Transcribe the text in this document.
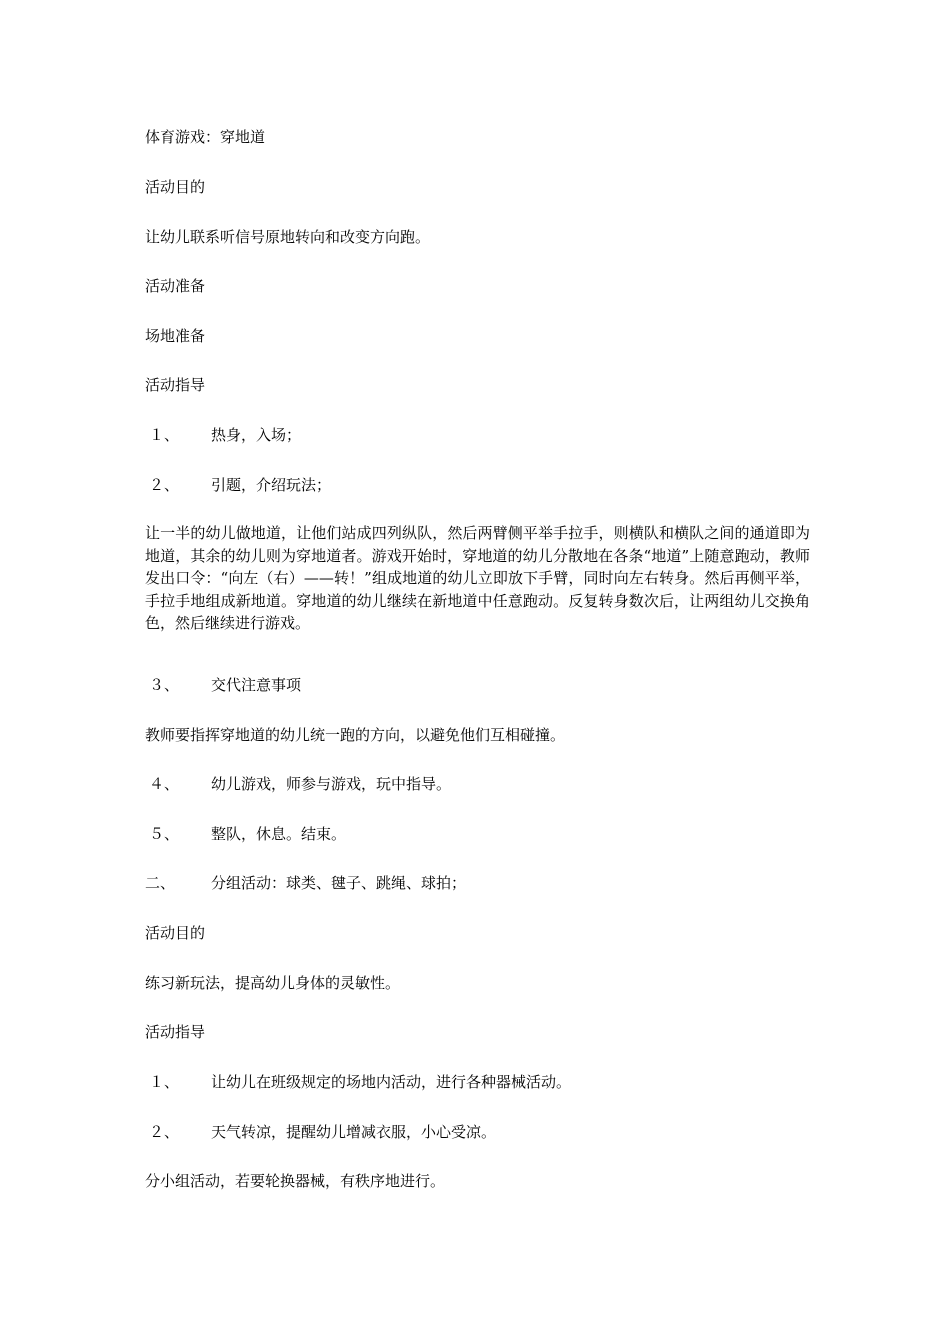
体育游戏：穿地道

活动目的

让幼儿联系听信号原地转向和改变方向跑。

活动准备

场地准备

活动指导

１、 热身，入场；

２、 引题，介绍玩法；

让一半的幼儿做地道，让他们站成四列纵队，然后两臂侧平举手拉手，则横队和横队之间的通道即为地道，其余的幼儿则为穿地道者。游戏开始时，穿地道的幼儿分散地在各条“地道”上随意跑动，教师发出口令：“向左（右）——转！”组成地道的幼儿立即放下手臂，同时向左右转身。然后再侧平举，手拉手地组成新地道。穿地道的幼儿继续在新地道中任意跑动。反复转身数次后，让两组幼儿交换角色，然后继续进行游戏。

３、 交代注意事项

教师要指挥穿地道的幼儿统一跑的方向，以避免他们互相碰撞。

４、 幼儿游戏，师参与游戏，玩中指导。

５、 整队，休息。结束。

二、 分组活动：球类、毽子、跳绳、球拍；

活动目的

练习新玩法，提高幼儿身体的灵敏性。

活动指导

１、 让幼儿在班级规定的场地内活动，进行各种器械活动。

２、 天气转凉，提醒幼儿增减衣服，小心受凉。

分小组活动，若要轮换器械，有秩序地进行。
